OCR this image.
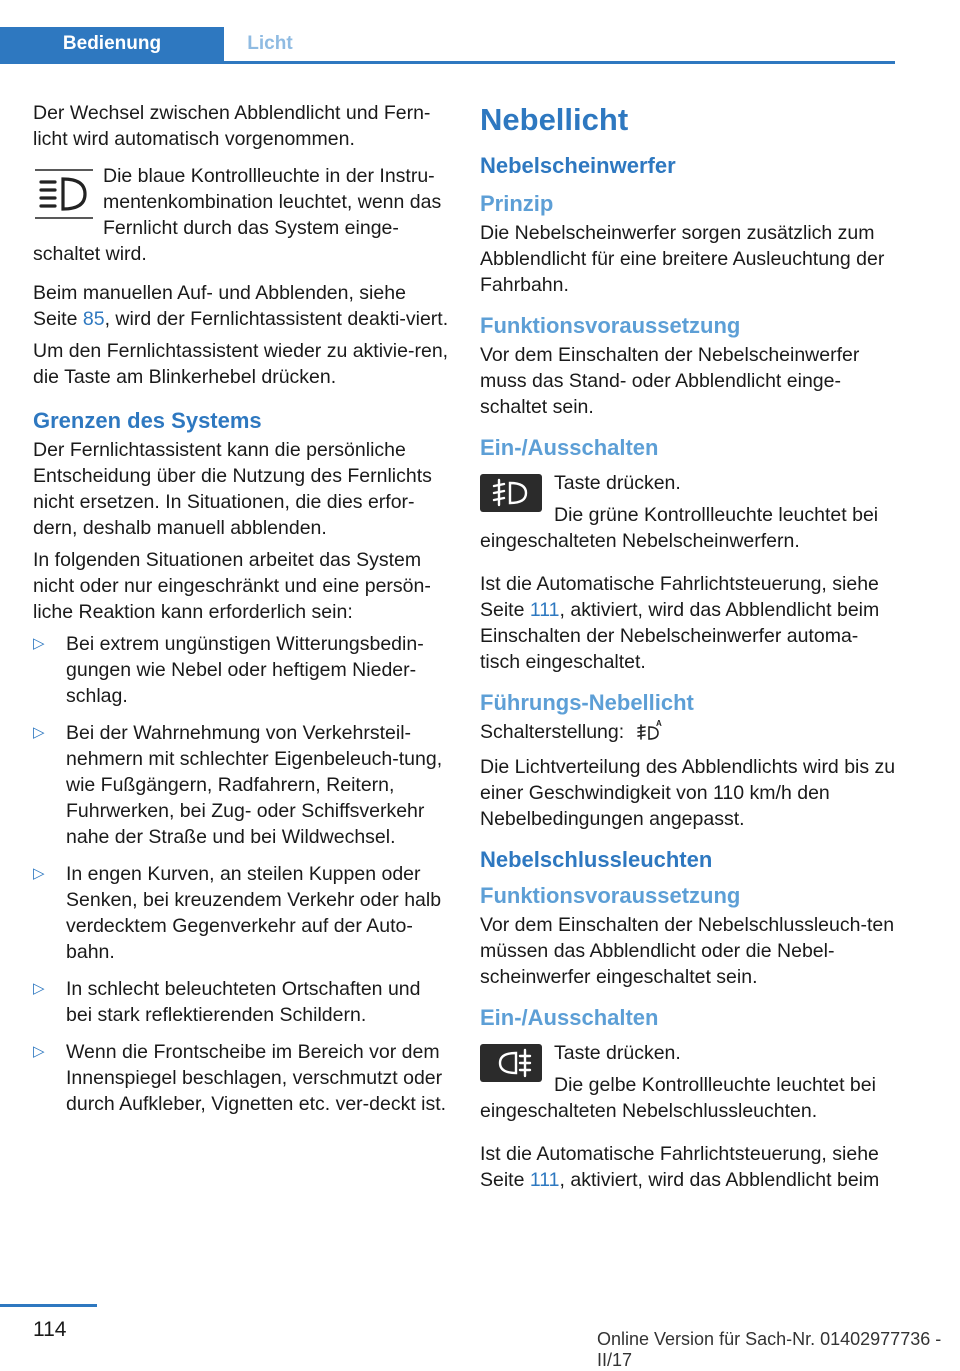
Bedienung	Licht

Der Wechsel zwischen Abblendlicht und Fern-licht wird automatisch vorgenommen.

Die blaue Kontrollleuchte in der Instru-mentenkombination leuchtet, wenn das Fernlicht durch das System einge-schaltet wird.

Beim manuellen Auf- und Abblenden, siehe Seite 85, wird der Fernlichtassistent deakti-viert.

Um den Fernlichtassistent wieder zu aktivie-ren, die Taste am Blinkerhebel drücken.

Grenzen des Systems

Der Fernlichtassistent kann die persönliche Entscheidung über die Nutzung des Fernlichts nicht ersetzen. In Situationen, die dies erfor-dern, deshalb manuell abblenden.

In folgenden Situationen arbeitet das System nicht oder nur eingeschränkt und eine persön-liche Reaktion kann erforderlich sein:

▷ Bei extrem ungünstigen Witterungsbedin-gungen wie Nebel oder heftigem Nieder-schlag.
▷ Bei der Wahrnehmung von Verkehrsteil-nehmern mit schlechter Eigenbeleuch-tung, wie Fußgängern, Radfahrern, Reitern, Fuhrwerken, bei Zug- oder Schiffsverkehr nahe der Straße und bei Wildwechsel.
▷ In engen Kurven, an steilen Kuppen oder Senken, bei kreuzendem Verkehr oder halb verdecktem Gegenverkehr auf der Auto-bahn.
▷ In schlecht beleuchteten Ortschaften und bei stark reflektierenden Schildern.
▷ Wenn die Frontscheibe im Bereich vor dem Innenspiegel beschlagen, verschmutzt oder durch Aufkleber, Vignetten etc. ver-deckt ist.
Nebellicht
Nebelscheinwerfer
Prinzip

Die Nebelscheinwerfer sorgen zusätzlich zum Abblendlicht für eine breitere Ausleuchtung der Fahrbahn.

Funktionsvoraussetzung

Vor dem Einschalten der Nebelscheinwerfer muss das Stand- oder Abblendlicht einge-schaltet sein.

Ein-/Ausschalten
Taste drücken.
Die grüne Kontrollleuchte leuchtet bei eingeschalteten Nebelscheinwerfern.

Ist die Automatische Fahrlichtsteuerung, siehe Seite 111, aktiviert, wird das Abblendlicht beim Einschalten der Nebelscheinwerfer automa-tisch eingeschaltet.

Führungs-Nebellicht

Schalterstellung:	A

Die Lichtverteilung des Abblendlichts wird bis zu einer Geschwindigkeit von 110 km/h den Nebelbedingungen angepasst.

Nebelschlussleuchten
Funktionsvoraussetzung

Vor dem Einschalten der Nebelschlussleuch-ten müssen das Abblendlicht oder die Nebel-scheinwerfer eingeschaltet sein.

Ein-/Ausschalten
Taste drücken.
Die gelbe Kontrollleuchte leuchtet bei eingeschalteten Nebelschlussleuchten.

Ist die Automatische Fahrlichtsteuerung, siehe Seite 111, aktiviert, wird das Abblendlicht beim

114	Online Version für Sach-Nr. 01402977736 - II/17
